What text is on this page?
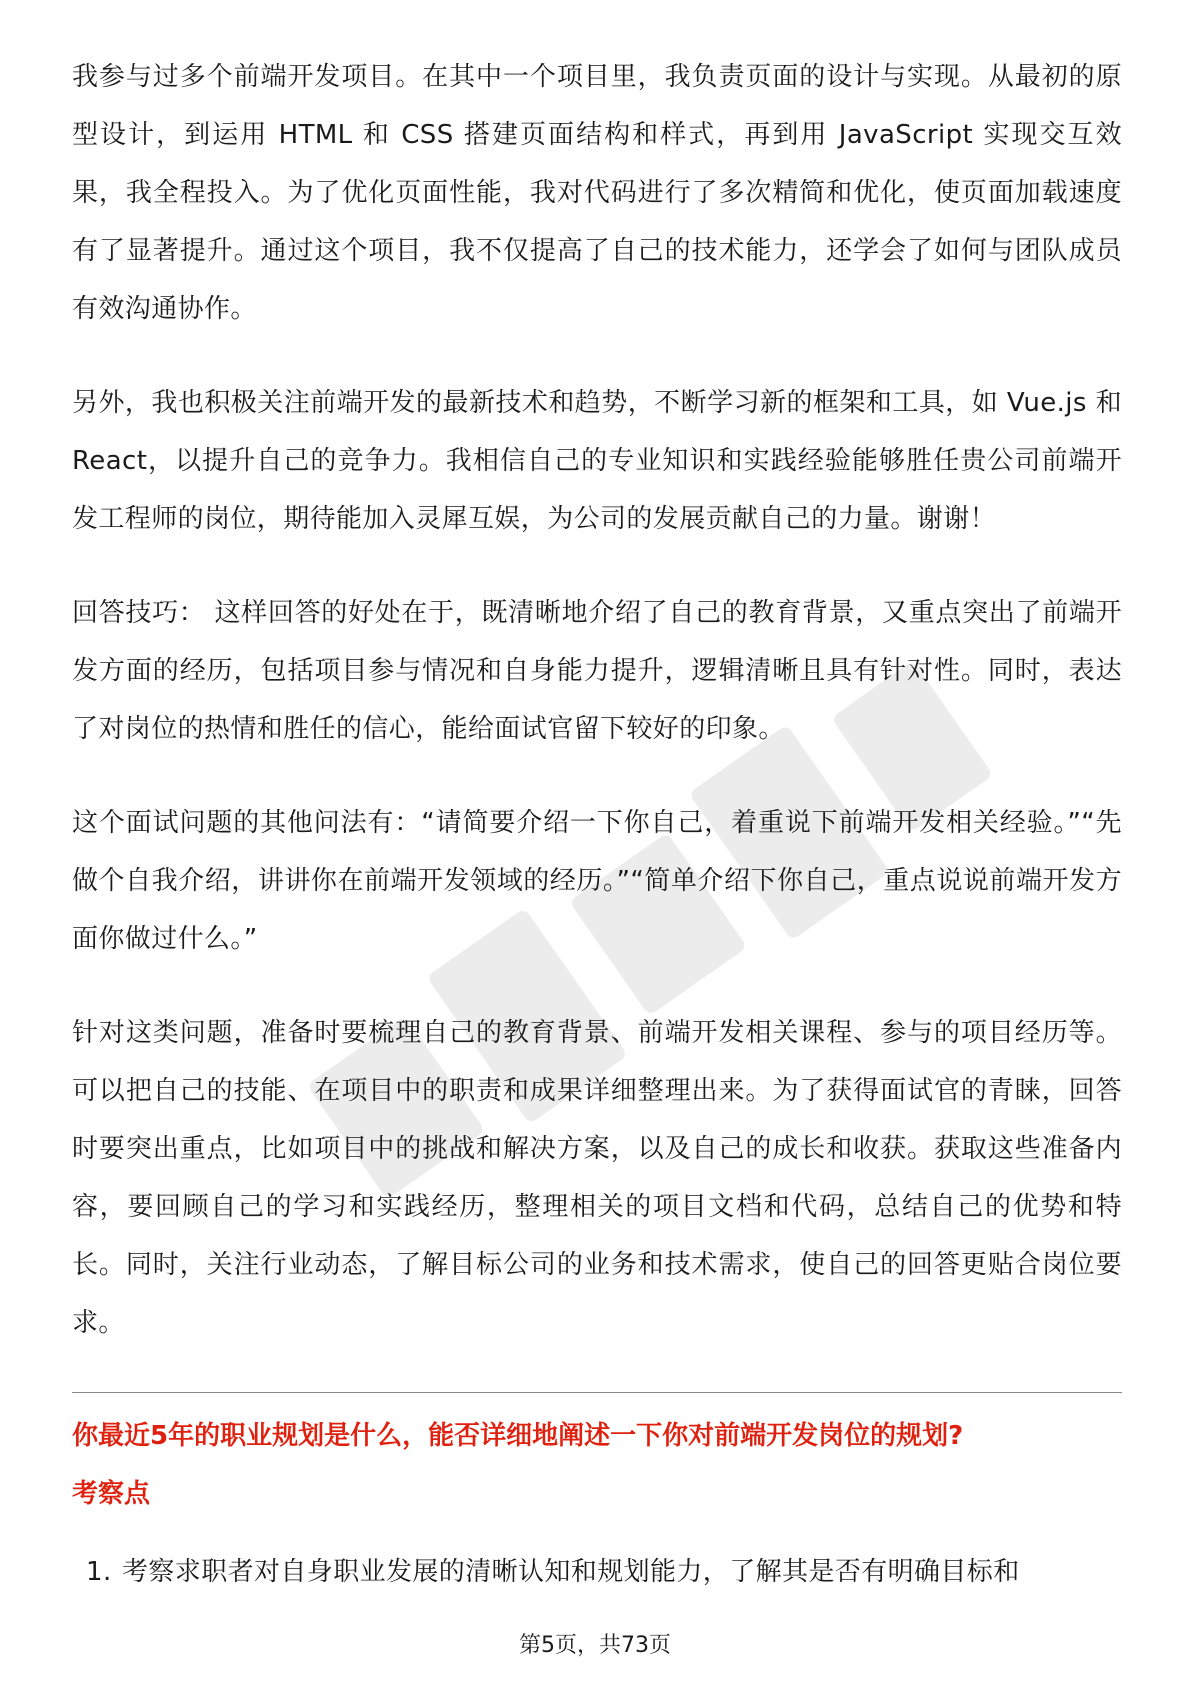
我参与过多个前端开发项目。在其中一个项目里，我负责页面的设计与实现。从最初的原型设计，到运用 HTML 和 CSS 搭建页面结构和样式，再到用 JavaScript 实现交互效果，我全程投入。为了优化页面性能，我对代码进行了多次精简和优化，使页面加载速度有了显著提升。通过这个项目，我不仅提高了自己的技术能力，还学会了如何与团队成员有效沟通协作。

另外，我也积极关注前端开发的最新技术和趋势，不断学习新的框架和工具，如 Vue.js 和 React，以提升自己的竞争力。我相信自己的专业知识和实践经验能够胜任贵公司前端开发工程师的岗位，期待能加入灵犀互娱，为公司的发展贡献自己的力量。谢谢！

回答技巧： 这样回答的好处在于，既清晰地介绍了自己的教育背景，又重点突出了前端开发方面的经历，包括项目参与情况和自身能力提升，逻辑清晰且具有针对性。同时，表达了对岗位的热情和胜任的信心，能给面试官留下较好的印象。

这个面试问题的其他问法有：“请简要介绍一下你自己，着重说下前端开发相关经验。”“先做个自我介绍，讲讲你在前端开发领域的经历。”“简单介绍下你自己，重点说说前端开发方面你做过什么。”

针对这类问题，准备时要梳理自己的教育背景、前端开发相关课程、参与的项目经历等。可以把自己的技能、在项目中的职责和成果详细整理出来。为了获得面试官的青睐，回答时要突出重点，比如项目中的挑战和解决方案，以及自己的成长和收获。获取这些准备内容，要回顾自己的学习和实践经历，整理相关的项目文档和代码，总结自己的优势和特长。同时，关注行业动态，了解目标公司的业务和技术需求，使自己的回答更贴合岗位要求。

你最近5年的职业规划是什么，能否详细地阐述一下你对前端开发岗位的规划?
考察点
1. 考察求职者对自身职业发展的清晰认知和规划能力，了解其是否有明确目标和
第5页，共73页
